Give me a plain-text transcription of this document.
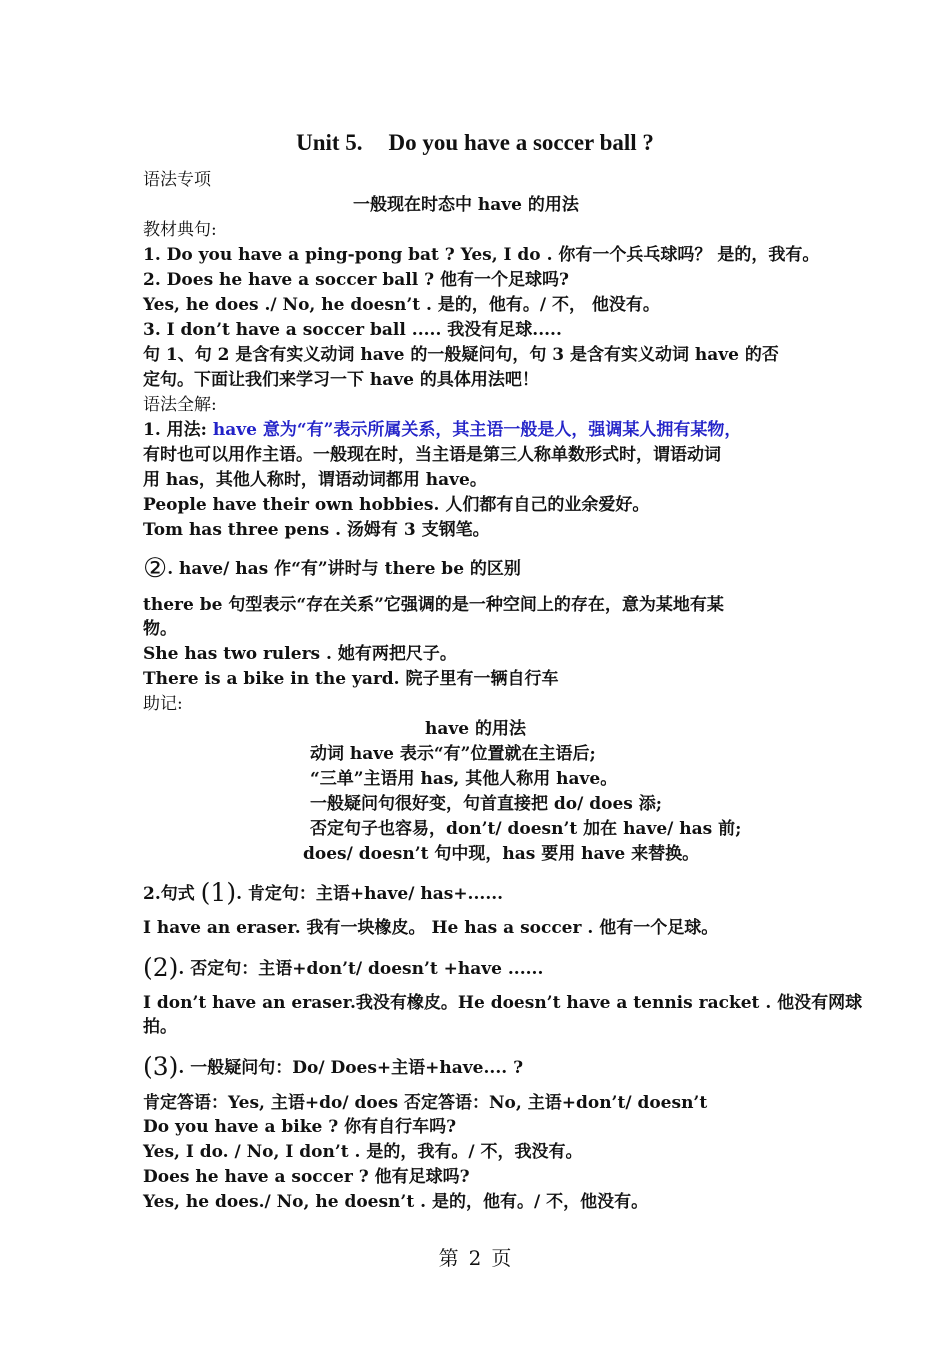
Unit 5. Do you have a soccer ball ?
语法专项
一般现在时态中 have 的用法
教材典句:
1. Do you have a ping-pong bat ? Yes, I do . 你有一个兵乓球吗？ 是的，我有。
2. Does he have a soccer ball ? 他有一个足球吗?
Yes, he does ./ No, he doesn’t . 是的，他有。/ 不， 他没有。
3. I don’t have a soccer ball ..... 我没有足球.....
句 1、句 2 是含有实义动词 have 的一般疑问句，句 3 是含有实义动词 have 的否
定句。下面让我们来学习一下 have 的具体用法吧！
语法全解:
1. 用法: have 意为“有”表示所属关系，其主语一般是人，强调某人拥有某物，
有时也可以用作主语。一般现在时，当主语是第三人称单数形式时，谓语动词
用 has，其他人称时，谓语动词都用 have。
People have their own hobbies. 人们都有自己的业余爱好。
Tom has three pens . 汤姆有 3 支钢笔。
②. have/ has 作“有”讲时与 there be 的区别
there be 句型表示“存在关系”它强调的是一种空间上的存在，意为某地有某
物。
She has two rulers . 她有两把尺子。
There is a bike in the yard. 院子里有一辆自行车
助记:
have 的用法
动词 have 表示“有”位置就在主语后;
“三单”主语用 has, 其他人称用 have。
一般疑问句很好变，句首直接把 do/ does 添;
否定句子也容易，don’t/ doesn’t 加在 have/ has 前;
does/ doesn’t 句中现，has 要用 have 来替换。
2.句式 (1). 肯定句：主语+have/ has+......
I have an eraser. 我有一块橡皮。 He has a soccer . 他有一个足球。
(2). 否定句：主语+don’t/ doesn’t +have ......
I don’t have an eraser.我没有橡皮。He doesn’t have a tennis racket . 他没有网球
拍。
(3). 一般疑问句：Do/ Does+主语+have.... ?
肯定答语：Yes, 主语+do/ does 否定答语：No, 主语+don’t/ doesn’t
Do you have a bike ? 你有自行车吗?
Yes, I do. / No, I don’t . 是的，我有。/ 不，我没有。
Does he have a soccer ? 他有足球吗?
Yes, he does./ No, he doesn’t . 是的，他有。/ 不，他没有。
第 2 页
